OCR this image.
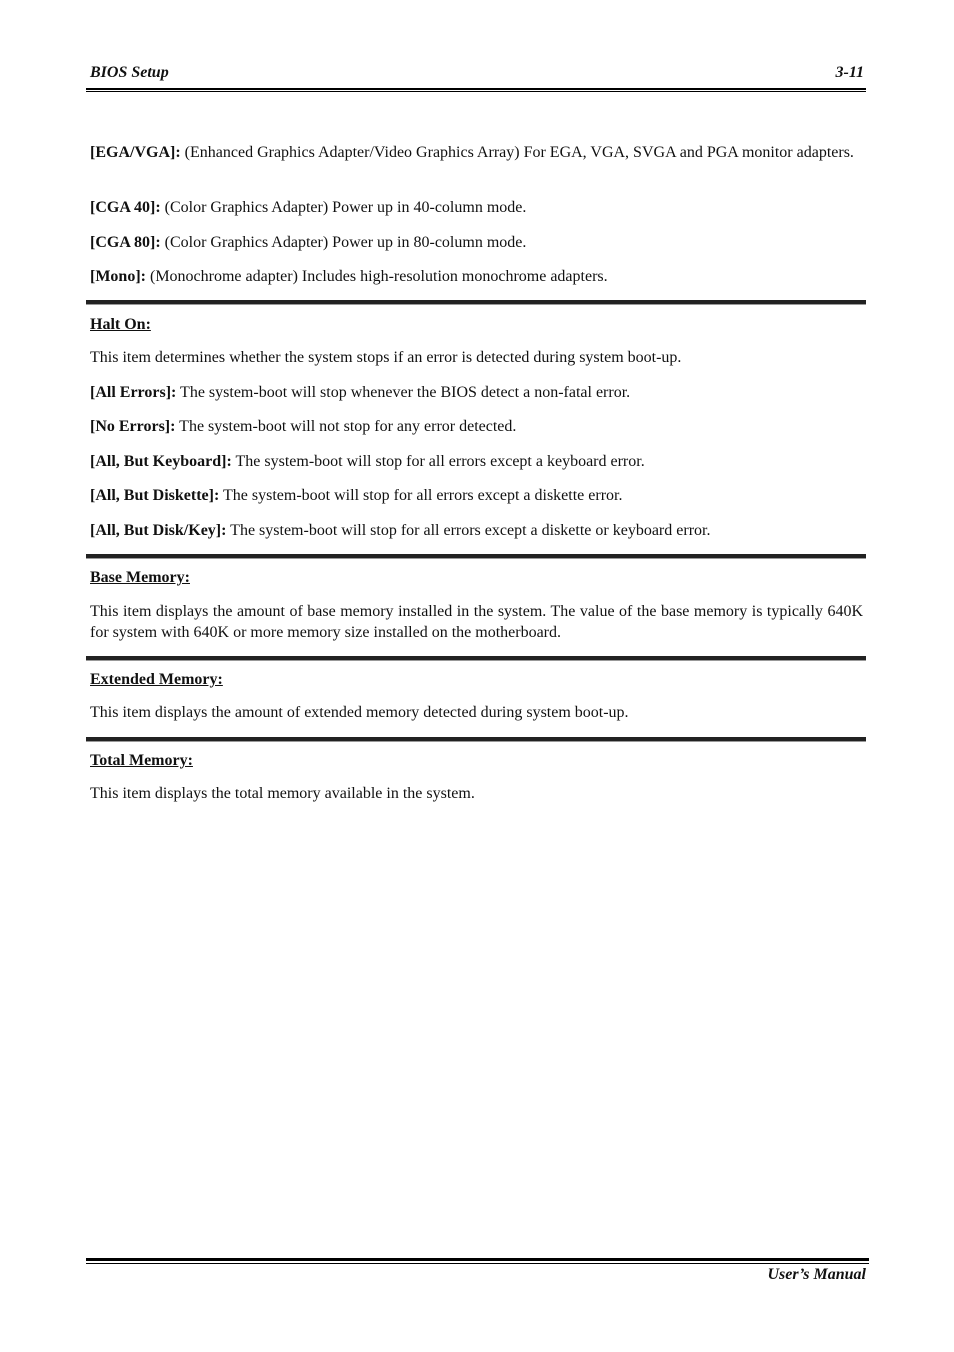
BIOS Setup	3-11

[EGA/VGA]: (Enhanced Graphics Adapter/Video Graphics Array) For EGA, VGA, SVGA and PGA monitor adapters.

[CGA 40]: (Color Graphics Adapter) Power up in 40-column mode.

[CGA 80]: (Color Graphics Adapter) Power up in 80-column mode.

[Mono]: (Monochrome adapter) Includes high-resolution monochrome adapters.

Halt On:

This item determines whether the system stops if an error is detected during system boot-up.

[All Errors]: The system-boot will stop whenever the BIOS detect a non-fatal error.

[No Errors]: The system-boot will not stop for any error detected.

[All, But Keyboard]: The system-boot will stop for all errors except a keyboard error.

[All, But Diskette]: The system-boot will stop for all errors except a diskette error.

[All, But Disk/Key]: The system-boot will stop for all errors except a diskette or keyboard error.

Base Memory:

This item displays the amount of base memory installed in the system. The value of the base memory is typically 640K for system with 640K or more memory size installed on the motherboard.

Extended Memory:

This item displays the amount of extended memory detected during system boot-up.

Total Memory:

This item displays the total memory available in the system.

User’s Manual
